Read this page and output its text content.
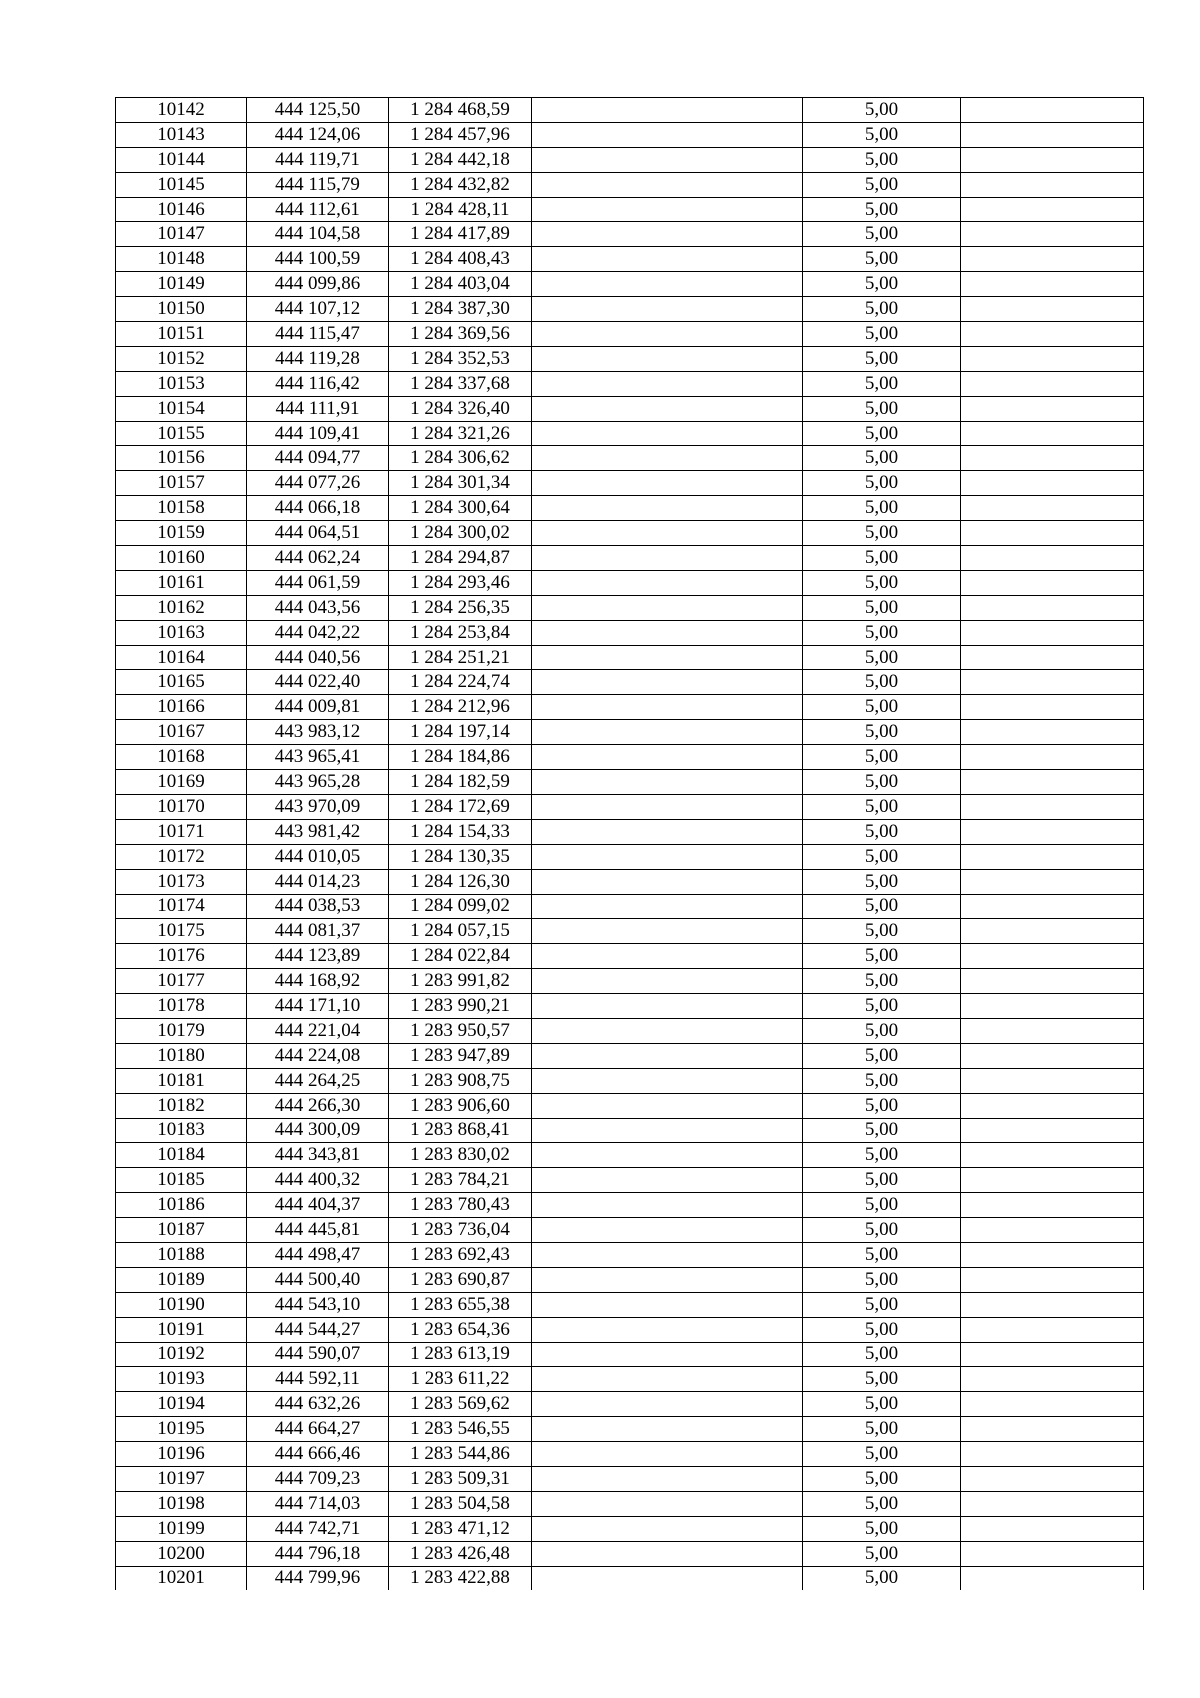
10142	444 125,50	1 284 468,59		5,00	
10143	444 124,06	1 284 457,96		5,00	
10144	444 119,71	1 284 442,18		5,00	
10145	444 115,79	1 284 432,82		5,00	
10146	444 112,61	1 284 428,11		5,00	
10147	444 104,58	1 284 417,89		5,00	
10148	444 100,59	1 284 408,43		5,00	
10149	444 099,86	1 284 403,04		5,00	
10150	444 107,12	1 284 387,30		5,00	
10151	444 115,47	1 284 369,56		5,00	
10152	444 119,28	1 284 352,53		5,00	
10153	444 116,42	1 284 337,68		5,00	
10154	444 111,91	1 284 326,40		5,00	
10155	444 109,41	1 284 321,26		5,00	
10156	444 094,77	1 284 306,62		5,00	
10157	444 077,26	1 284 301,34		5,00	
10158	444 066,18	1 284 300,64		5,00	
10159	444 064,51	1 284 300,02		5,00	
10160	444 062,24	1 284 294,87		5,00	
10161	444 061,59	1 284 293,46		5,00	
10162	444 043,56	1 284 256,35		5,00	
10163	444 042,22	1 284 253,84		5,00	
10164	444 040,56	1 284 251,21		5,00	
10165	444 022,40	1 284 224,74		5,00	
10166	444 009,81	1 284 212,96		5,00	
10167	443 983,12	1 284 197,14		5,00	
10168	443 965,41	1 284 184,86		5,00	
10169	443 965,28	1 284 182,59		5,00	
10170	443 970,09	1 284 172,69		5,00	
10171	443 981,42	1 284 154,33		5,00	
10172	444 010,05	1 284 130,35		5,00	
10173	444 014,23	1 284 126,30		5,00	
10174	444 038,53	1 284 099,02		5,00	
10175	444 081,37	1 284 057,15		5,00	
10176	444 123,89	1 284 022,84		5,00	
10177	444 168,92	1 283 991,82		5,00	
10178	444 171,10	1 283 990,21		5,00	
10179	444 221,04	1 283 950,57		5,00	
10180	444 224,08	1 283 947,89		5,00	
10181	444 264,25	1 283 908,75		5,00	
10182	444 266,30	1 283 906,60		5,00	
10183	444 300,09	1 283 868,41		5,00	
10184	444 343,81	1 283 830,02		5,00	
10185	444 400,32	1 283 784,21		5,00	
10186	444 404,37	1 283 780,43		5,00	
10187	444 445,81	1 283 736,04		5,00	
10188	444 498,47	1 283 692,43		5,00	
10189	444 500,40	1 283 690,87		5,00	
10190	444 543,10	1 283 655,38		5,00	
10191	444 544,27	1 283 654,36		5,00	
10192	444 590,07	1 283 613,19		5,00	
10193	444 592,11	1 283 611,22		5,00	
10194	444 632,26	1 283 569,62		5,00	
10195	444 664,27	1 283 546,55		5,00	
10196	444 666,46	1 283 544,86		5,00	
10197	444 709,23	1 283 509,31		5,00	
10198	444 714,03	1 283 504,58		5,00	
10199	444 742,71	1 283 471,12		5,00	
10200	444 796,18	1 283 426,48		5,00	
10201	444 799,96	1 283 422,88		5,00	
